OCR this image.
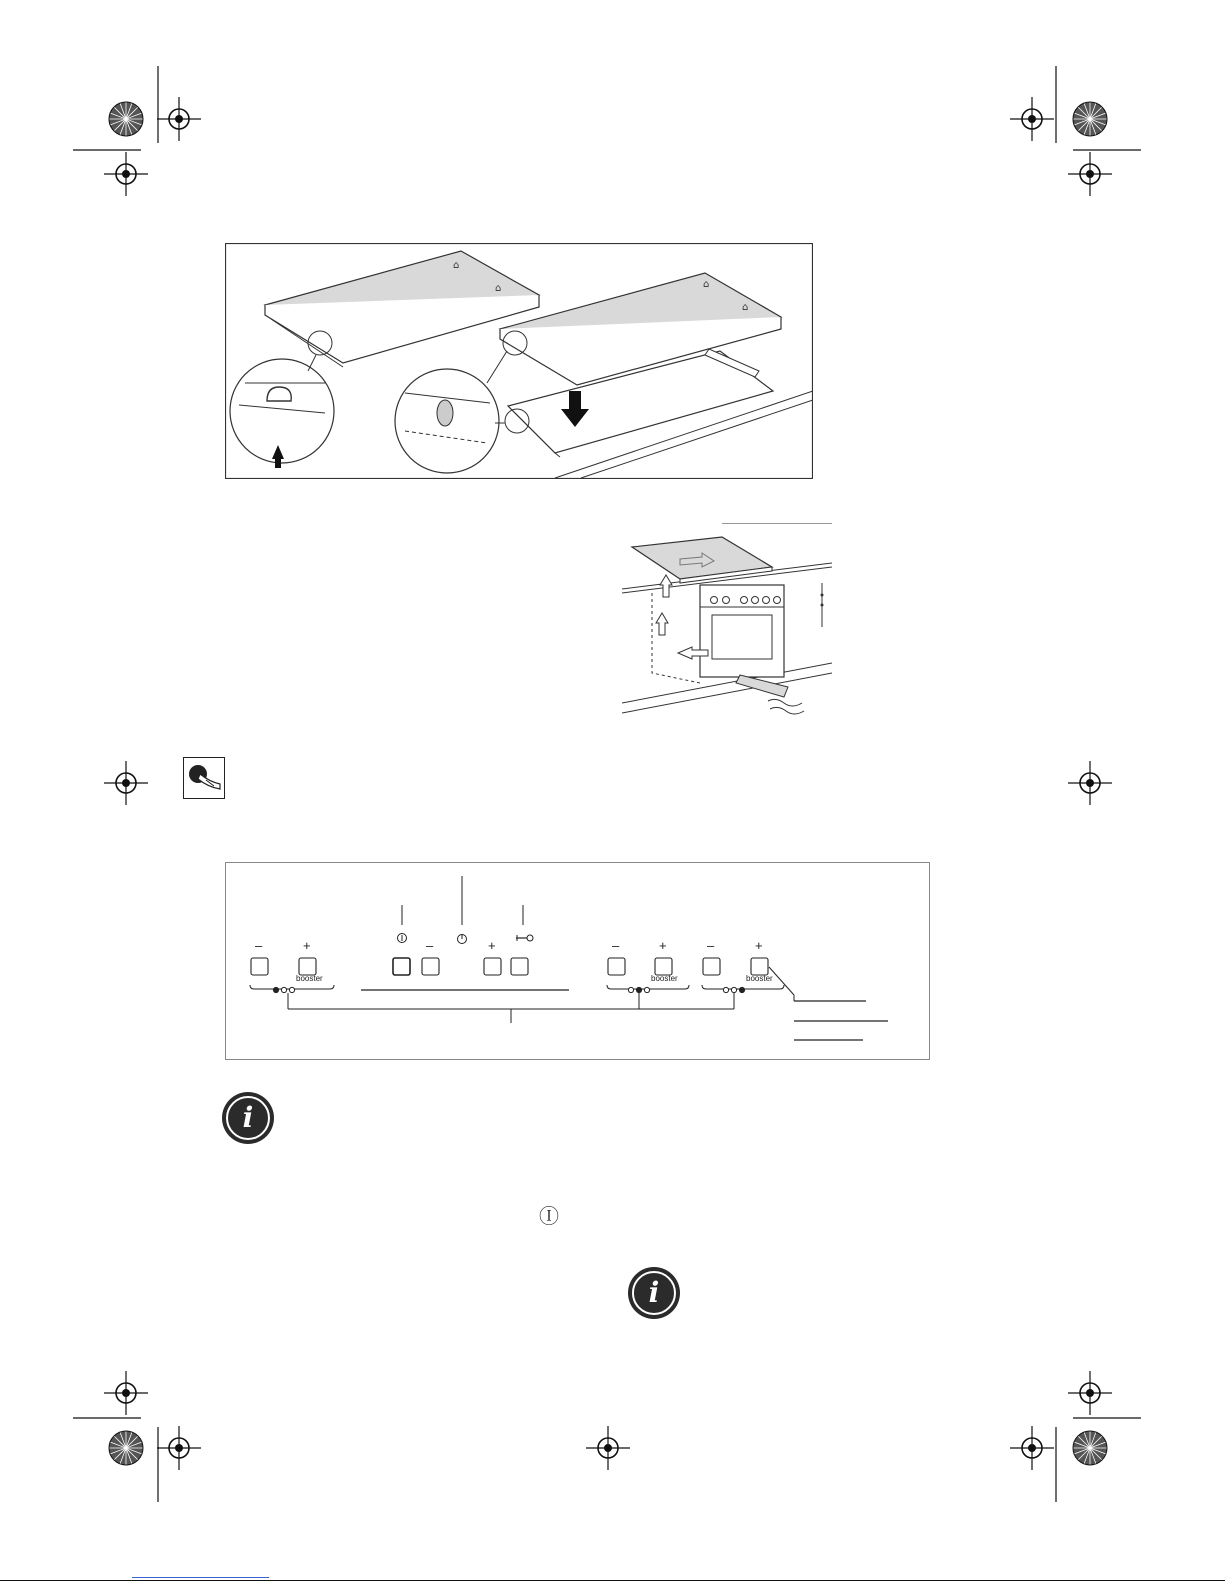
⌂
⌂	⌂
⌂
–	+
booster
–	+	–	+
booster
–	+
booster
i
i
Ⓘ
